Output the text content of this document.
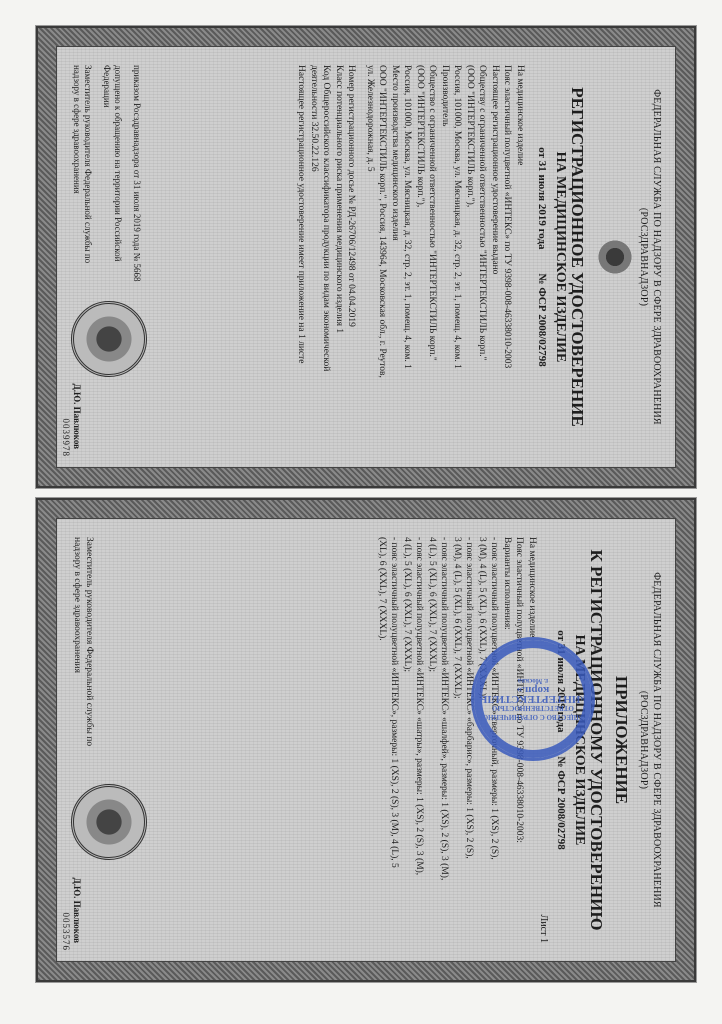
ФЕДЕРАЛЬНАЯ СЛУЖБА ПО НАДЗОРУ В СФЕРЕ ЗДРАВООХРАНЕНИЯ
(РОСЗДРАВНАДЗОР)
РЕГИСТРАЦИОННОЕ УДОСТОВЕРЕНИЕ
НА МЕДИЦИНСКОЕ ИЗДЕЛИЕ
от 31 июля 2019 года
№ ФСР 2008/02798
На медицинское изделие
Пояс эластичный полуцветной «ИНТЕКС» по ТУ 9398-008-46338010-2003
Настоящее регистрационное удостоверение выдано
Обществу с ограниченной ответственностью "ИНТЕРТЕКСТИЛЬ корп."
(ООО "ИНТЕРТЕКСТИЛЬ корп."),
Россия, 101000, Москва, ул. Мясницкая, д. 32, стр. 2, эт. 1, помещ. 4, ком. 1
Производитель
Общество с ограниченной ответственностью "ИНТЕРТЕКСТИЛЬ корп."
(ООО "ИНТЕРТЕКСТИЛЬ корп."),
Россия, 101000, Москва, ул. Мясницкая, д. 32, стр. 2, эт. 1, помещ. 4, ком. 1
Место производства медицинского изделия
ООО "ИНТЕРТЕКСТИЛЬ корп.", Россия, 143964, Московская обл., г. Реутов,
ул. Железнодорожная, д. 5
Номер регистрационного досье № РД-26706/12498 от 04.04.2019
Класс потенциального риска применения медицинского изделия 1
Код Общероссийского классификатора продукции по видам экономической
деятельности 32.50.22.126
Настоящее регистрационное удостоверение имеет приложение на 1 листе
приказом Росздравнадзора от 31 июля 2019 года № 5668
допущено к обращению на территории Российской Федерации
Заместитель руководителя Федеральной службы по надзору в сфере здравоохранения
Д.Ю. Павлюков
0039978
ФЕДЕРАЛЬНАЯ СЛУЖБА ПО НАДЗОРУ В СФЕРЕ ЗДРАВООХРАНЕНИЯ
(РОСЗДРАВНАДЗОР)
ПРИЛОЖЕНИЕ
К РЕГИСТРАЦИОННОМУ УДОСТОВЕРЕНИЮ
НА МЕДИЦИНСКОЕ ИЗДЕЛИЕ
от 31 июля 2019 года
№ ФСР 2008/02798
Лист 1
На медицинское изделие
Пояс эластичный полуцветной «ИНТЕКС» по ТУ 9398-008-46338010-2003:
Варианты исполнения:
- пояс эластичный полуцветной «ИНТЕКС» сверточный, размеры: 1 (XS), 2 (S),
3 (M), 4 (L), 5 (XL), 6 (XXL), 7 (XXXL);
- пояс эластичный полуцветной «ИНТЕКС» «барбарис», размеры: 1 (XS), 2 (S),
3 (M), 4 (L), 5 (XL), 6 (XXL), 7 (XXXL);
- пояс эластичный полуцветной «ИНТЕКС» «шалфей», размеры: 1 (XS), 2 (S), 3 (M),
4 (L), 5 (XL), 6 (XXL), 7 (XXXL);
- пояс эластичный полуцветной «ИНТЕКС» «шатры», размеры: 1 (XS), 2 (S), 3 (M),
4 (L), 5 (XL), 6 (XXL), 7 (XXXL);
- пояс эластичный полуцветной «ИНТЕКС», размеры: 1 (XS), 2 (S), 3 (M), 4 (L), 5
(XL), 6 (XXL), 7 (XXXL).
ОБЩЕСТВО С ОГРАНИЧЕННОЙ ОТВЕТСТВЕННОСТЬЮ
«ИНТЕРТЕКСТИЛЬ корп.»
г. Москва
Заместитель руководителя Федеральной службы по надзору в сфере здравоохранения
Д.Ю. Павлюков
0053576
